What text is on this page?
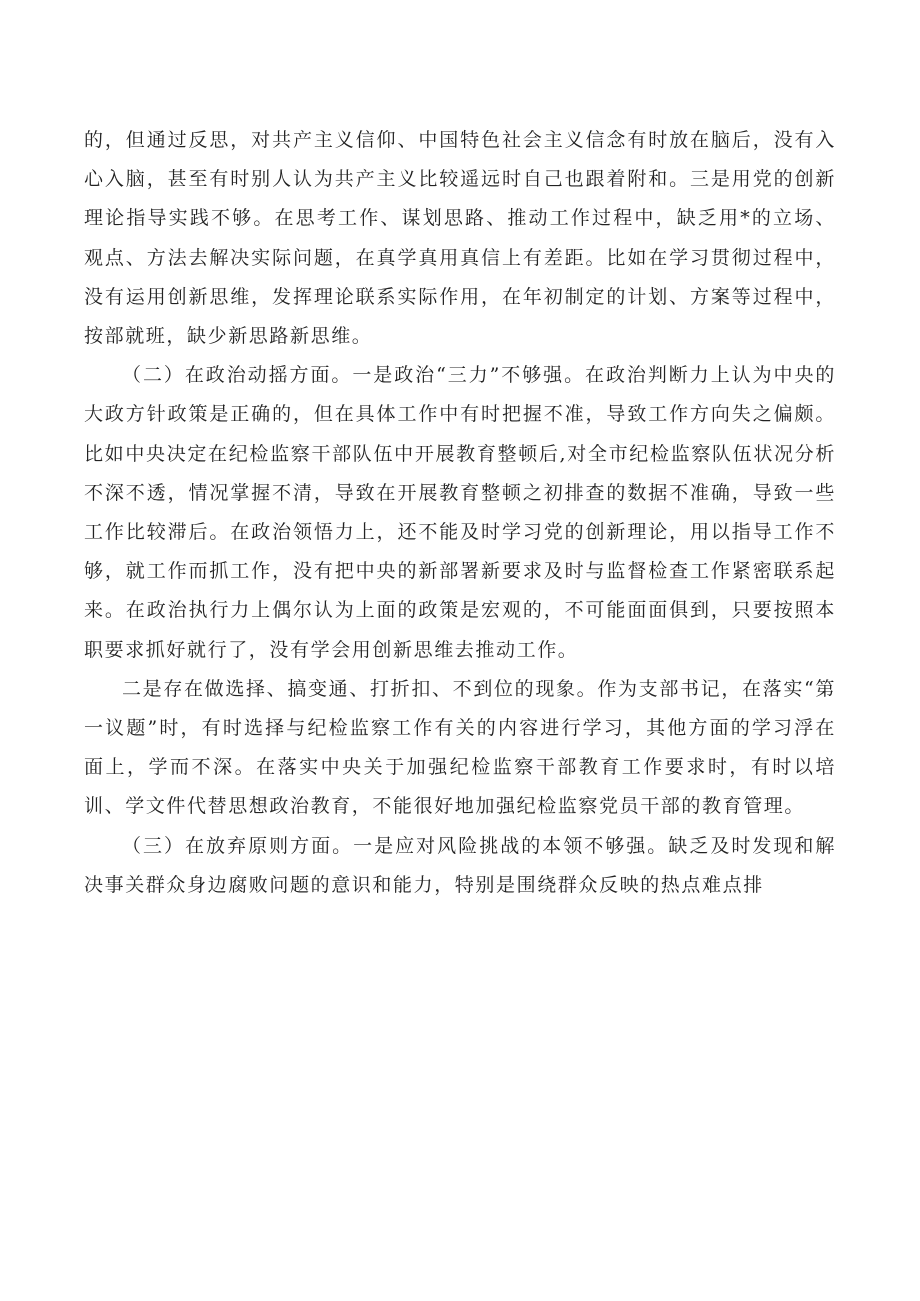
的，但通过反思，对共产主义信仰、中国特色社会主义信念有时放在脑后，没有入心入脑，甚至有时别人认为共产主义比较遥远时自己也跟着附和。三是用党的创新理论指导实践不够。在思考工作、谋划思路、推动工作过程中，缺乏用*的立场、观点、方法去解决实际问题，在真学真用真信上有差距。比如在学习贯彻过程中，没有运用创新思维，发挥理论联系实际作用，在年初制定的计划、方案等过程中，按部就班，缺少新思路新思维。

（二）在政治动摇方面。一是政治“三力”不够强。在政治判断力上认为中央的大政方针政策是正确的，但在具体工作中有时把握不准，导致工作方向失之偏颇。比如中央决定在纪检监察干部队伍中开展教育整顿后,对全市纪检监察队伍状况分析不深不透，情况掌握不清，导致在开展教育整顿之初排查的数据不准确，导致一些工作比较滞后。在政治领悟力上，还不能及时学习党的创新理论，用以指导工作不够，就工作而抓工作，没有把中央的新部署新要求及时与监督检查工作紧密联系起来。在政治执行力上偶尔认为上面的政策是宏观的，不可能面面俱到，只要按照本职要求抓好就行了，没有学会用创新思维去推动工作。

二是存在做选择、搞变通、打折扣、不到位的现象。作为支部书记，在落实“第一议题”时，有时选择与纪检监察工作有关的内容进行学习，其他方面的学习浮在面上，学而不深。在落实中央关于加强纪检监察干部教育工作要求时，有时以培训、学文件代替思想政治教育，不能很好地加强纪检监察党员干部的教育管理。

（三）在放弃原则方面。一是应对风险挑战的本领不够强。缺乏及时发现和解决事关群众身边腐败问题的意识和能力，特别是围绕群众反映的热点难点排
